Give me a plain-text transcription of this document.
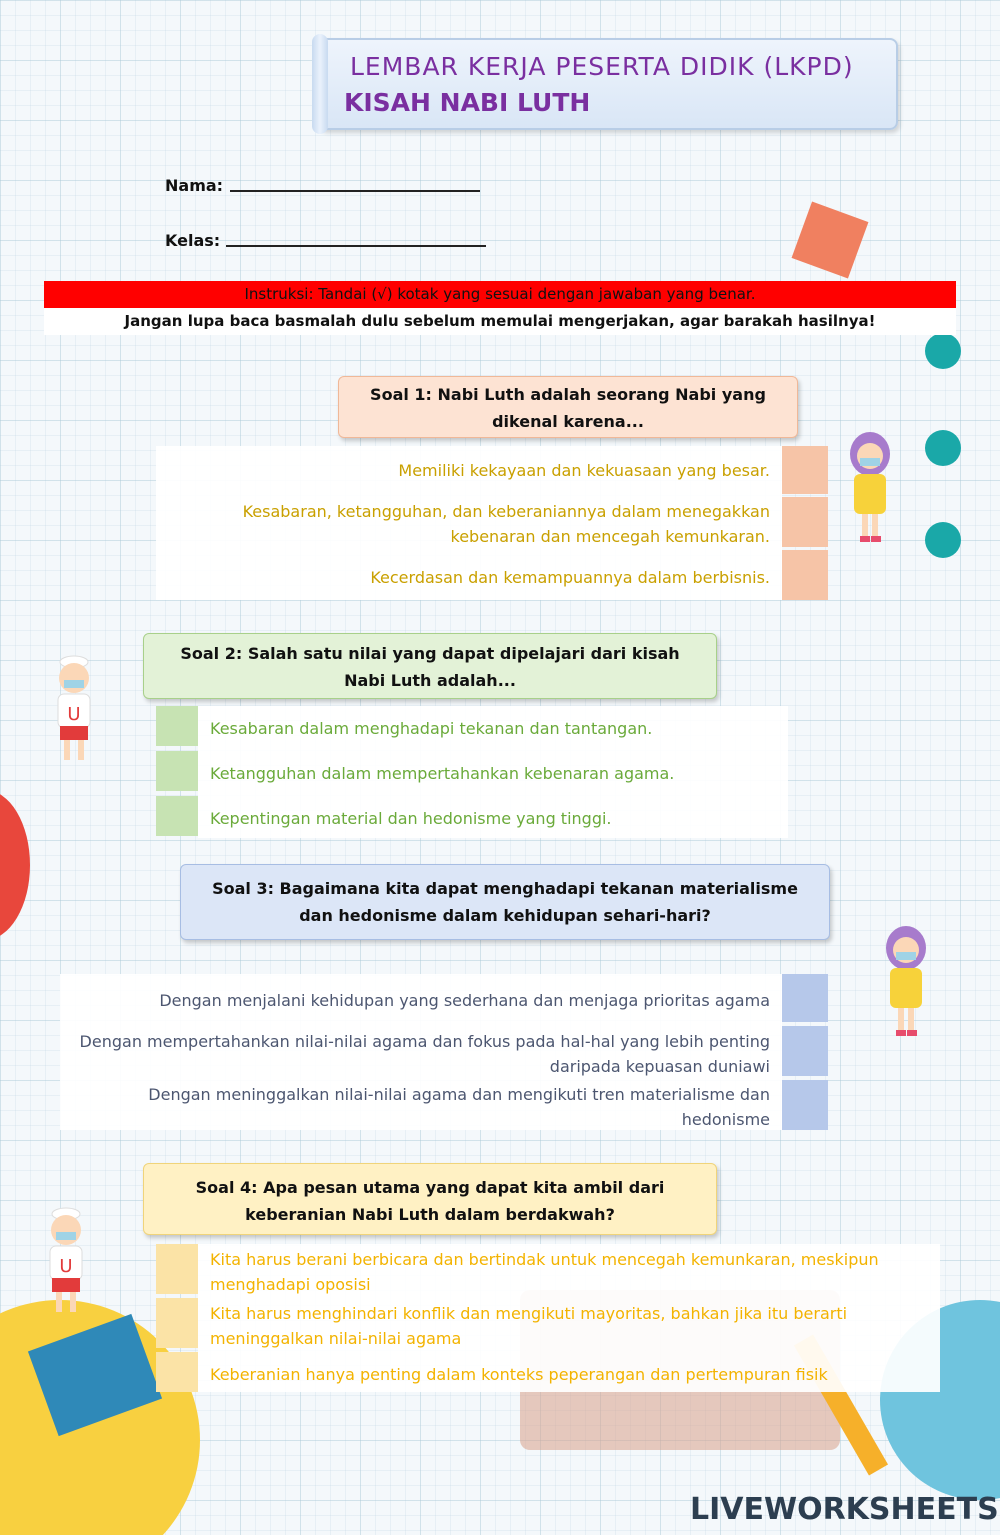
LEMBAR KERJA PESERTA DIDIK (LKPD)
KISAH NABI LUTH
Nama:
Kelas:
Instruksi: Tandai (√) kotak yang sesuai dengan jawaban yang benar.
Jangan lupa baca basmalah dulu sebelum memulai mengerjakan, agar barakah hasilnya!
Soal 1: Nabi Luth adalah seorang Nabi yang dikenal karena...
Memiliki kekayaan dan kekuasaan yang besar.
Kesabaran, ketangguhan, dan keberaniannya dalam menegakkan kebenaran dan mencegah kemunkaran.
Kecerdasan dan kemampuannya dalam berbisnis.
Soal 2: Salah satu nilai yang dapat dipelajari dari kisah Nabi Luth adalah...
Kesabaran dalam menghadapi tekanan dan tantangan.
Ketangguhan dalam mempertahankan kebenaran agama.
Kepentingan material dan hedonisme yang tinggi.
U
Soal 3: Bagaimana kita dapat menghadapi tekanan materialisme dan hedonisme dalam kehidupan sehari-hari?
Dengan menjalani kehidupan yang sederhana dan menjaga prioritas agama
Dengan mempertahankan nilai-nilai agama dan fokus pada hal-hal yang lebih penting daripada kepuasan duniawi
Dengan meninggalkan nilai-nilai agama dan mengikuti tren materialisme dan hedonisme
Soal 4: Apa pesan utama yang dapat kita ambil dari keberanian Nabi Luth dalam berdakwah?
Kita harus berani berbicara dan bertindak untuk mencegah kemunkaran, meskipun menghadapi oposisi
Kita harus menghindari konflik dan mengikuti mayoritas, bahkan jika itu berarti meninggalkan nilai-nilai agama
Keberanian hanya penting dalam konteks peperangan dan pertempuran fisik
U
LIVEWORKSHEETS
